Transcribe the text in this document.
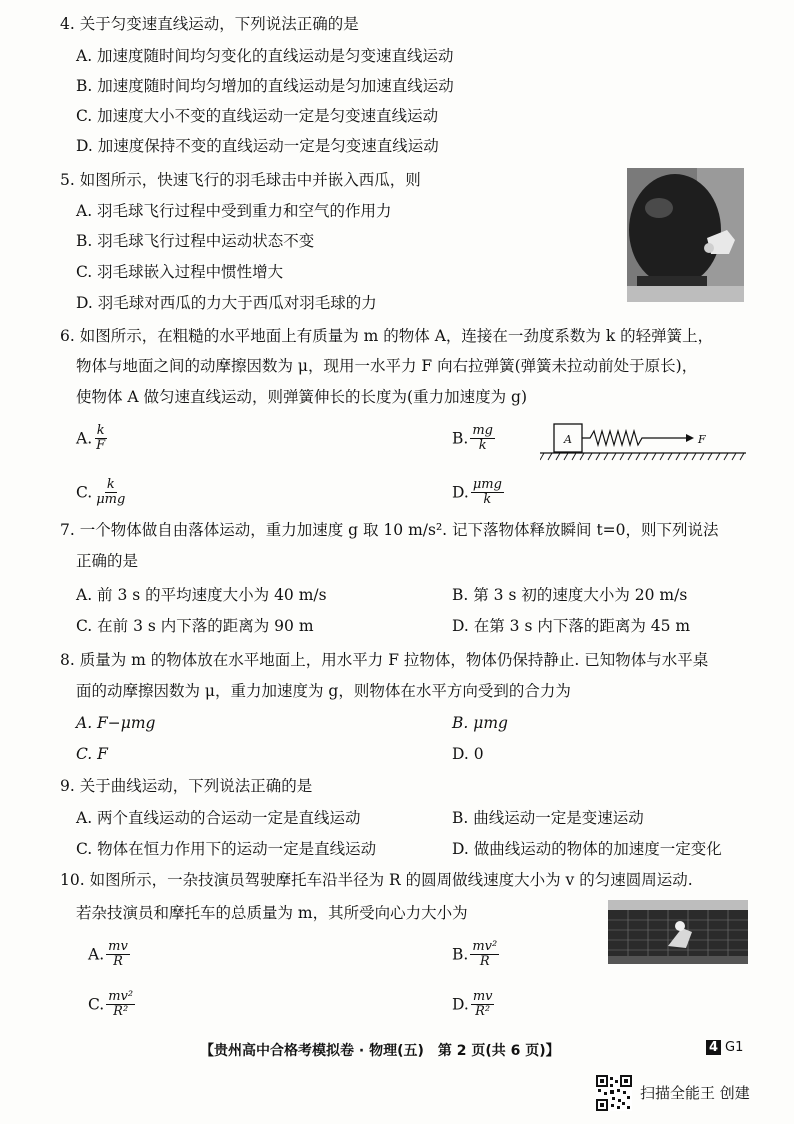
4. 关于匀变速直线运动，下列说法正确的是
A. 加速度随时间均匀变化的直线运动是匀变速直线运动
B. 加速度随时间均匀增加的直线运动是匀加速直线运动
C. 加速度大小不变的直线运动一定是匀变速直线运动
D. 加速度保持不变的直线运动一定是匀变速直线运动
5. 如图所示，快速飞行的羽毛球击中并嵌入西瓜，则
A. 羽毛球飞行过程中受到重力和空气的作用力
B. 羽毛球飞行过程中运动状态不变
C. 羽毛球嵌入过程中惯性增大
D. 羽毛球对西瓜的力大于西瓜对羽毛球的力
6. 如图所示，在粗糙的水平地面上有质量为 m 的物体 A，连接在一劲度系数为 k 的轻弹簧上，
物体与地面之间的动摩擦因数为 μ，现用一水平力 F 向右拉弹簧(弹簧未拉动前处于原长)，
使物体 A 做匀速直线运动，则弹簧伸长的长度为(重力加速度为 g)
A. $\frac{k}{F}$	B. $\frac{mg}{k}$	A	F
C. $\frac{k}{\text{μmg}}$	D. $\frac{\text{μmg}}{k}$
7. 一个物体做自由落体运动，重力加速度 g 取 10 m/s². 记下落物体释放瞬间 t=0，则下列说法
正确的是
A. 前 3 s 的平均速度大小为 40 m/s	B. 第 3 s 初的速度大小为 20 m/s
C. 在前 3 s 内下落的距离为 90 m	D. 在第 3 s 内下落的距离为 45 m
8. 质量为 m 的物体放在水平地面上，用水平力 F 拉物体，物体仍保持静止. 已知物体与水平桌
面的动摩擦因数为 μ，重力加速度为 g，则物体在水平方向受到的合力为
A. F−μmg	B. μmg
C. F	D. 0
9. 关于曲线运动，下列说法正确的是
A. 两个直线运动的合运动一定是直线运动	B. 曲线运动一定是变速运动
C. 物体在恒力作用下的运动一定是直线运动	D. 做曲线运动的物体的加速度一定变化
10. 如图所示，一杂技演员驾驶摩托车沿半径为 R 的圆周做线速度大小为 v 的匀速圆周运动.
若杂技演员和摩托车的总质量为 m，其所受向心力大小为
A. $\frac{mv}{R}$	B. $\frac{\text{mv²}}{R}$
C. $\frac{\text{mv²}}{\text{R²}}$	D. $\frac{mv}{\text{R²}}$
【贵州高中合格考模拟卷 · 物理(五)　第 2 页(共 6 页)】	4 G1
扫描全能王 创建
